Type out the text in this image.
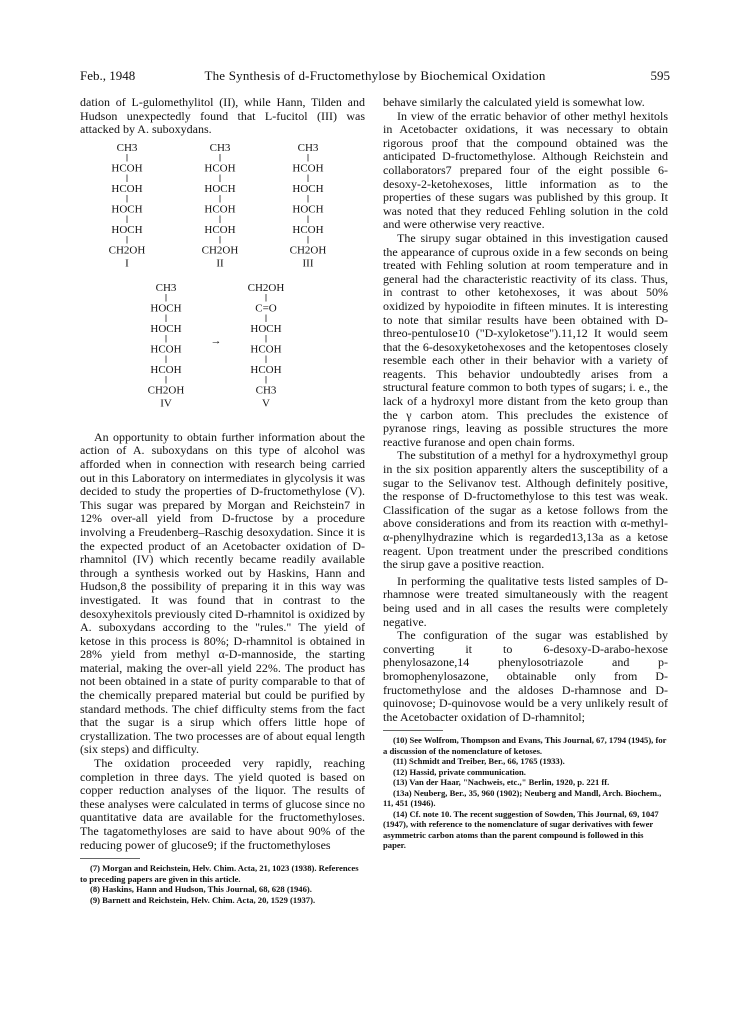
Feb., 1948	The Synthesis of d-Fructomethylose by Biochemical Oxidation	595

dation of L-gulomethylitol (II), while Hann, Tilden and Hudson unexpectedly found that L-fucitol (III) was attacked by A. suboxydans.

CH3
HCOH
HCOH
HOCH
HOCH
CH2OH
I
CH3
HCOH
HOCH
HCOH
HCOH
CH2OH
II
CH3
HCOH
HOCH
HOCH
HCOH
CH2OH
III
CH3
HOCH
HOCH
HCOH
HCOH
CH2OH
IV
CH2OH
C=O
HOCH
HCOH
HCOH
CH3
V
→

An opportunity to obtain further information about the action of A. suboxydans on this type of alcohol was afforded when in connection with research being carried out in this Laboratory on intermediates in glycolysis it was decided to study the properties of D-fructomethylose (V). This sugar was prepared by Morgan and Reichstein7 in 12% over-all yield from D-fructose by a procedure involving a Freudenberg–Raschig desoxydation. Since it is the expected product of an Acetobacter oxidation of D-rhamnitol (IV) which recently became readily available through a synthesis worked out by Haskins, Hann and Hudson,8 the possibility of preparing it in this way was investigated. It was found that in contrast to the desoxyhexitols previously cited D-rhamnitol is oxidized by A. suboxydans according to the "rules." The yield of ketose in this process is 80%; D-rhamnitol is obtained in 28% yield from methyl α-D-mannoside, the starting material, making the over-all yield 22%. The product has not been obtained in a state of purity comparable to that of the chemically prepared material but could be purified by standard methods. The chief difficulty stems from the fact that the sugar is a sirup which offers little hope of crystallization. The two processes are of about equal length (six steps) and difficulty.

The oxidation proceeded very rapidly, reaching completion in three days. The yield quoted is based on copper reduction analyses of the liquor. The results of these analyses were calculated in terms of glucose since no quantitative data are available for the fructomethyloses. The tagatomethyloses are said to have about 90% of the reducing power of glucose9; if the fructomethyloses

(7) Morgan and Reichstein, Helv. Chim. Acta, 21, 1023 (1938). References to preceding papers are given in this article.

(8) Haskins, Hann and Hudson, This Journal, 68, 628 (1946).

(9) Barnett and Reichstein, Helv. Chim. Acta, 20, 1529 (1937).

behave similarly the calculated yield is somewhat low.

In view of the erratic behavior of other methyl hexitols in Acetobacter oxidations, it was necessary to obtain rigorous proof that the compound obtained was the anticipated D-fructomethylose. Although Reichstein and collaborators7 prepared four of the eight possible 6-desoxy-2-ketohexoses, little information as to the properties of these sugars was published by this group. It was noted that they reduced Fehling solution in the cold and were otherwise very reactive.

The sirupy sugar obtained in this investigation caused the appearance of cuprous oxide in a few seconds on being treated with Fehling solution at room temperature and in general had the characteristic reactivity of its class. Thus, in contrast to other ketohexoses, it was about 50% oxidized by hypoiodite in fifteen minutes. It is interesting to note that similar results have been obtained with D-threo-pentulose10 ("D-xyloketose").11,12 It would seem that the 6-desoxyketohexoses and the ketopentoses closely resemble each other in their behavior with a variety of reagents. This behavior undoubtedly arises from a structural feature common to both types of sugars; i. e., the lack of a hydroxyl more distant from the keto group than the γ carbon atom. This precludes the existence of pyranose rings, leaving as possible structures the more reactive furanose and open chain forms.

The substitution of a methyl for a hydroxymethyl group in the six position apparently alters the susceptibility of a sugar to the Selivanov test. Although definitely positive, the response of D-fructomethylose to this test was weak. Classification of the sugar as a ketose follows from the above considerations and from its reaction with α-methyl-α-phenylhydrazine which is regarded13,13a as a ketose reagent. Upon treatment under the prescribed conditions the sirup gave a positive reaction.

In performing the qualitative tests listed samples of D-rhamnose were treated simultaneously with the reagent being used and in all cases the results were completely negative.

The configuration of the sugar was established by converting it to 6-desoxy-D-arabo-hexose phenylosazone,14 phenylosotriazole and p-bromophenylosazone, obtainable only from D-fructomethylose and the aldoses D-rhamnose and D-quinovose; D-quinovose would be a very unlikely result of the Acetobacter oxidation of D-rhamnitol;

(10) See Wolfrom, Thompson and Evans, This Journal, 67, 1794 (1945), for a discussion of the nomenclature of ketoses.

(11) Schmidt and Treiber, Ber., 66, 1765 (1933).

(12) Hassid, private communication.

(13) Van der Haar, "Nachweis, etc.," Berlin, 1920, p. 221 ff.

(13a) Neuberg, Ber., 35, 960 (1902); Neuberg and Mandl, Arch. Biochem., 11, 451 (1946).

(14) Cf. note 10. The recent suggestion of Sowden, This Journal, 69, 1047 (1947), with reference to the nomenclature of sugar derivatives with fewer asymmetric carbon atoms than the parent compound is followed in this paper.
